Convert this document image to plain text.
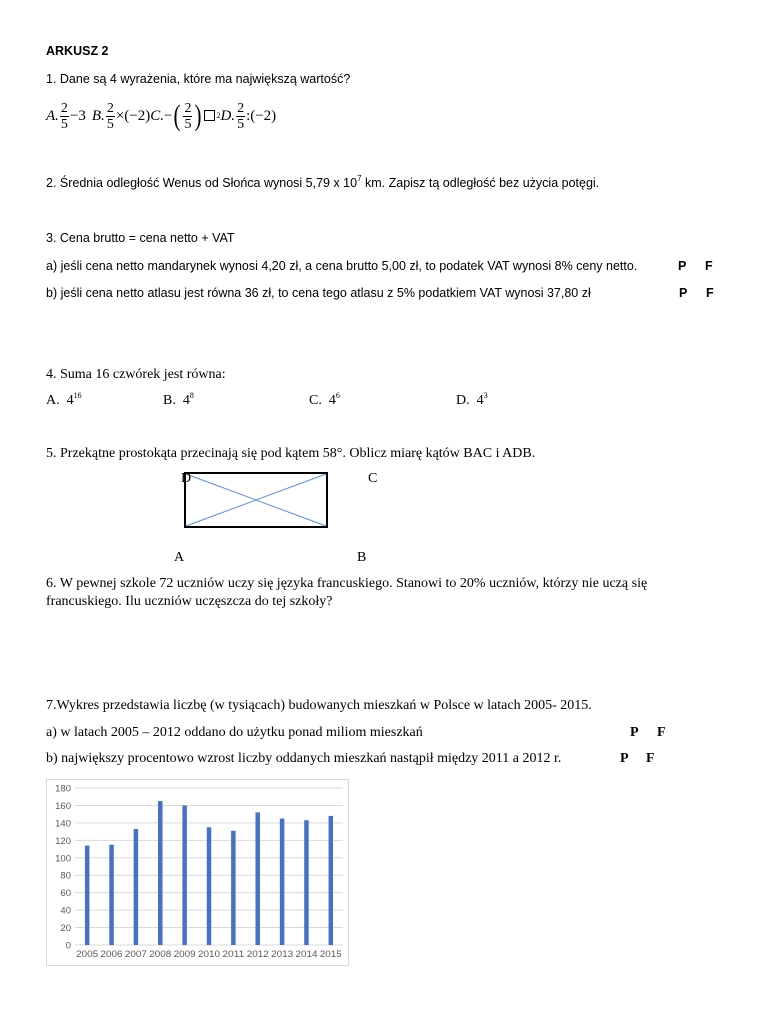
ARKUSZ 2
1. Dane są 4 wyrażenia, które ma największą wartość?
A. $\frac{2}{5} -3$ B. $\frac{2}{5} \times(-2) C$. − ( $\frac{2}{5}$ ) 2 D. $\frac{2}{5}$ :(−2)
2. Średnia odległość Wenus od Słońca wynosi 5,79 x $10^7$ km. Zapisz tą odległość bez użycia potęgi.
3. Cena brutto = cena netto + VAT
a) jeśli cena netto mandarynek wynosi 4,20 zł, a cena brutto 5,00 zł, to podatek VAT wynosi 8% ceny netto.	P F
b) jeśli cena netto atlasu jest równa 36 zł, to cena tego atlasu z 5% podatkiem VAT wynosi 37,80 zł	P F
4. Suma 16 czwórek jest równa:
A. $4^{16}$	B. $4^8$	C. $4^6$	D. $4^3$
5. Przekątne prostokąta przecinają się pod kątem 58°. Oblicz miarę kątów BAC i ADB.
D	C
A	B
6. W pewnej szkole 72 uczniów uczy się języka francuskiego. Stanowi to 20% uczniów, którzy nie uczą się
francuskiego. Ilu uczniów uczęszcza do tej szkoły?
7.Wykres przedstawia liczbę (w tysiącach) budowanych mieszkań w Polsce w latach 2005- 2015.
a) w latach 2005 – 2012 oddano do użytku ponad miliom mieszkań	P F
b) największy procentowo wzrost liczby oddanych mieszkań nastąpił między 2011 a 2012 r.	P F
0
20
40
60
80
100
120
140
160
180
2005 2006 2007 2008 2009 2010 2011 2012 2013 2014 2015
